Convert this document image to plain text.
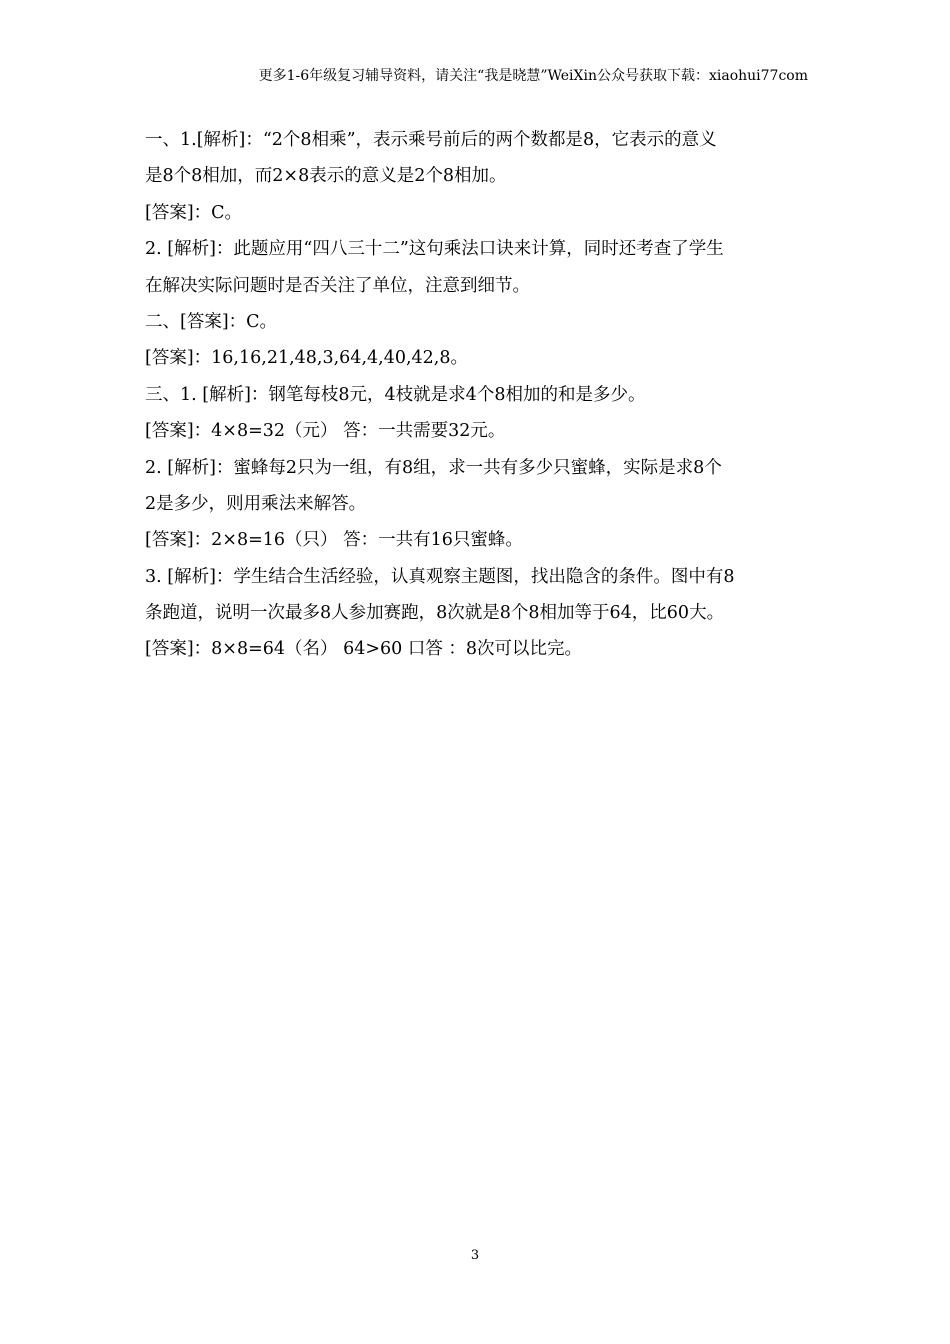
更多1-6年级复习辅导资料，请关注“我是晓慧”WeiXin公众号获取下载：xiaohui77com
一、1.[解析]：“2个8相乘”，表示乘号前后的两个数都是8，它表示的意义
是8个8相加，而2×8表示的意义是2个8相加。
[答案]：C。
2. [解析]：此题应用“四八三十二”这句乘法口诀来计算，同时还考查了学生
在解决实际问题时是否关注了单位，注意到细节。
二、[答案]：C。
[答案]：16,16,21,48,3,64,4,40,42,8。
三、1. [解析]：钢笔每枝8元，4枝就是求4个8相加的和是多少。
[答案]：4×8=32（元） 答：一共需要32元。
2. [解析]：蜜蜂每2只为一组，有8组，求一共有多少只蜜蜂，实际是求8个
2是多少，则用乘法来解答。
[答案]：2×8=16（只） 答：一共有16只蜜蜂。
3. [解析]：学生结合生活经验，认真观察主题图，找出隐含的条件。图中有8
条跑道，说明一次最多8人参加赛跑，8次就是8个8相加等于64，比60大。
[答案]：8×8=64（名） 64>60 口答 ：8次可以比完。
3
